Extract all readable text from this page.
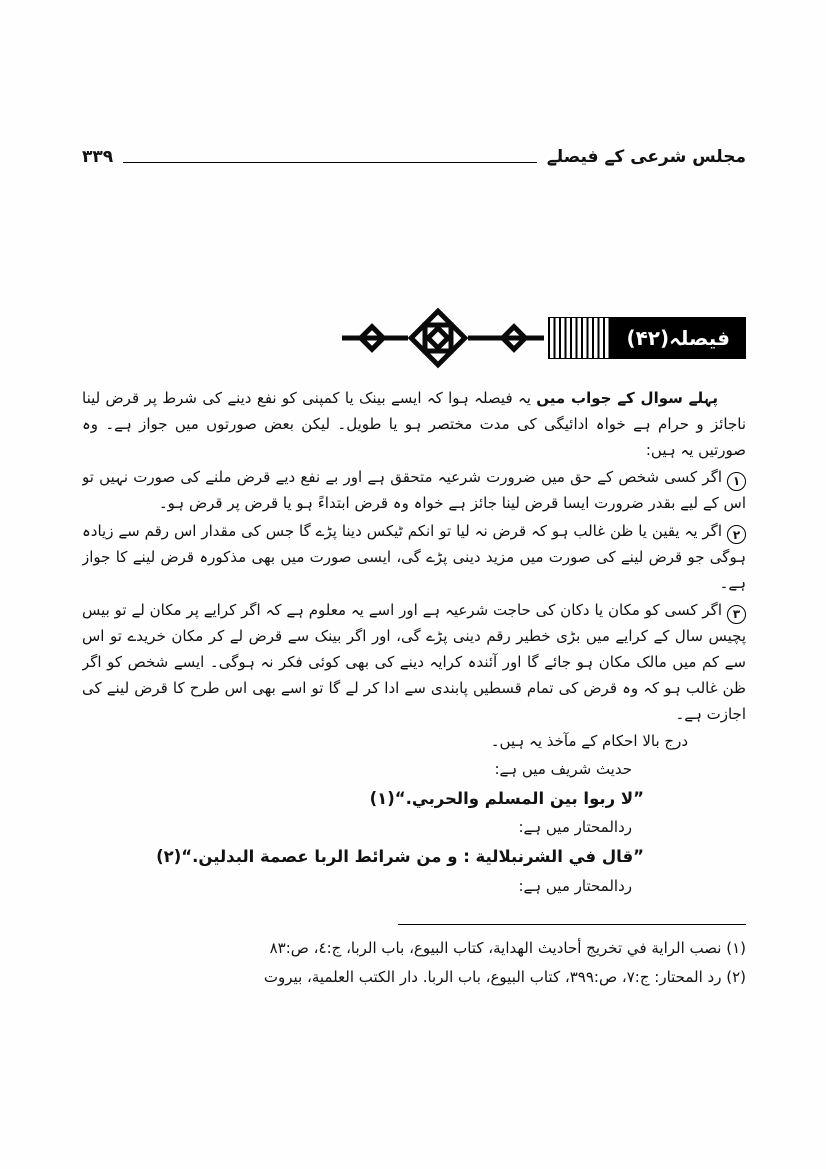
۳۳۹	مجلس شرعی کے فیصلے
فیصلہ(۴۲)

پہلے سوال کے جواب میں یہ فیصلہ ہوا کہ ایسے بینک یا کمپنی کو نفع دینے کی شرط پر قرض لینا ناجائز و حرام ہے خواہ ادائیگی کی مدت مختصر ہو یا طویل۔ لیکن بعض صورتوں میں جواز ہے۔ وہ صورتیں یہ ہیں:

۱اگر کسی شخص کے حق میں ضرورت شرعیہ متحقق ہے اور بے نفع دیے قرض ملنے کی صورت نہیں تو اس کے لیے بقدر ضرورت ایسا قرض لینا جائز ہے خواہ وہ قرض ابتداءً ہو یا قرض پر قرض ہو۔

۲اگر یہ یقین یا ظن غالب ہو کہ قرض نہ لیا تو انکم ٹیکس دینا پڑے گا جس کی مقدار اس رقم سے زیادہ ہوگی جو قرض لینے کی صورت میں مزید دینی پڑے گی، ایسی صورت میں بھی مذکورہ قرض لینے کا جواز ہے۔

۳اگر کسی کو مکان یا دکان کی حاجت شرعیہ ہے اور اسے یہ معلوم ہے کہ اگر کرایے پر مکان لے تو بیس پچیس سال کے کرایے میں بڑی خطیر رقم دینی پڑے گی، اور اگر بینک سے قرض لے کر مکان خریدے تو اس سے کم میں مالک مکان ہو جائے گا اور آئندہ کرایہ دینے کی بھی کوئی فکر نہ ہوگی۔ ایسے شخص کو اگر ظن غالب ہو کہ وہ قرض کی تمام قسطیں پابندی سے ادا کر لے گا تو اسے بھی اس طرح کا قرض لینے کی اجازت ہے۔

درج بالا احکام کے مآخذ یہ ہیں۔

حدیث شریف میں ہے:

”لا ربوا بين المسلم والحربي.“(١)

ردالمحتار میں ہے:

”قال في الشرنبلالية : و من شرائط الربا عصمة البدلين.“(٢)

ردالمحتار میں ہے:

(١) نصب الراية في تخريج أحاديث الهداية، كتاب البيوع، باب الربا، ج:٤، ص:٨٣

(٢) رد المحتار: ج:٧، ص:٣٩٩، كتاب البيوع، باب الربا. دار الكتب العلمية، بيروت
